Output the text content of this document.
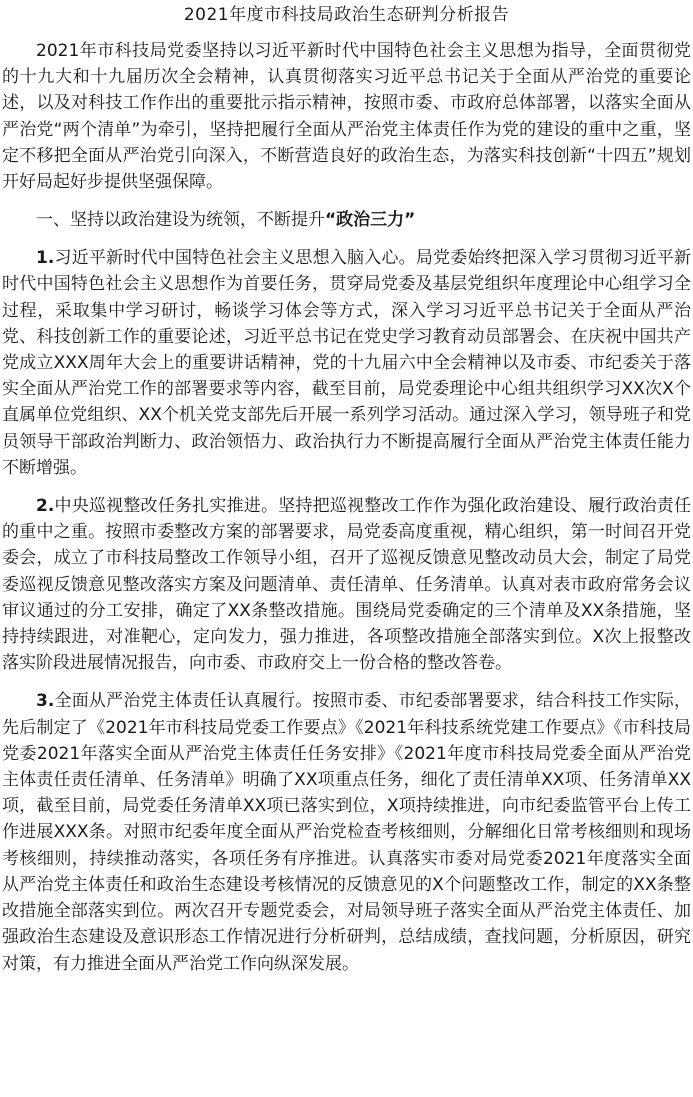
2021年度市科技局政治生态研判分析报告

2021年市科技局党委坚持以习近平新时代中国特色社会主义思想为指导，全面贯彻党的十九大和十九届历次全会精神，认真贯彻落实习近平总书记关于全面从严治党的重要论述，以及对科技工作作出的重要批示指示精神，按照市委、市政府总体部署，以落实全面从严治党“两个清单”为牵引，坚持把履行全面从严治党主体责任作为党的建设的重中之重，坚定不移把全面从严治党引向深入，不断营造良好的政治生态，为落实科技创新“十四五”规划开好局起好步提供坚强保障。

一、坚持以政治建设为统领，不断提升“政治三力”

1.习近平新时代中国特色社会主义思想入脑入心。局党委始终把深入学习贯彻习近平新时代中国特色社会主义思想作为首要任务，贯穿局党委及基层党组织年度理论中心组学习全过程，采取集中学习研讨，畅谈学习体会等方式，深入学习习近平总书记关于全面从严治党、科技创新工作的重要论述，习近平总书记在党史学习教育动员部署会、在庆祝中国共产党成立XXX周年大会上的重要讲话精神，党的十九届六中全会精神以及市委、市纪委关于落实全面从严治党工作的部署要求等内容，截至目前，局党委理论中心组共组织学习XX次X个直属单位党组织、XX个机关党支部先后开展一系列学习活动。通过深入学习，领导班子和党员领导干部政治判断力、政治领悟力、政治执行力不断提高履行全面从严治党主体责任能力不断增强。

2.中央巡视整改任务扎实推进。坚持把巡视整改工作作为强化政治建设、履行政治责任的重中之重。按照市委整改方案的部署要求，局党委高度重视，精心组织，第一时间召开党委会，成立了市科技局整改工作领导小组，召开了巡视反馈意见整改动员大会，制定了局党委巡视反馈意见整改落实方案及问题清单、责任清单、任务清单。认真对表市政府常务会议审议通过的分工安排，确定了XX条整改措施。围绕局党委确定的三个清单及XX条措施，坚持持续跟进，对准靶心，定向发力，强力推进，各项整改措施全部落实到位。X次上报整改落实阶段进展情况报告，向市委、市政府交上一份合格的整改答卷。

3.全面从严治党主体责任认真履行。按照市委、市纪委部署要求，结合科技工作实际，先后制定了《2021年市科技局党委工作要点》《2021年科技系统党建工作要点》《市科技局党委2021年落实全面从严治党主体责任任务安排》《2021年度市科技局党委全面从严治党主体责任责任清单、任务清单》明确了XX项重点任务，细化了责任清单XX项、任务清单XX项，截至目前，局党委任务清单XX项已落实到位，X项持续推进，向市纪委监管平台上传工作进展XXX条。对照市纪委年度全面从严治党检查考核细则，分解细化日常考核细则和现场考核细则，持续推动落实，各项任务有序推进。认真落实市委对局党委2021年度落实全面从严治党主体责任和政治生态建设考核情况的反馈意见的X个问题整改工作，制定的XX条整改措施全部落实到位。两次召开专题党委会，对局领导班子落实全面从严治党主体责任、加强政治生态建设及意识形态工作情况进行分析研判，总结成绩，查找问题，分析原因，研究对策，有力推进全面从严治党工作向纵深发展。
